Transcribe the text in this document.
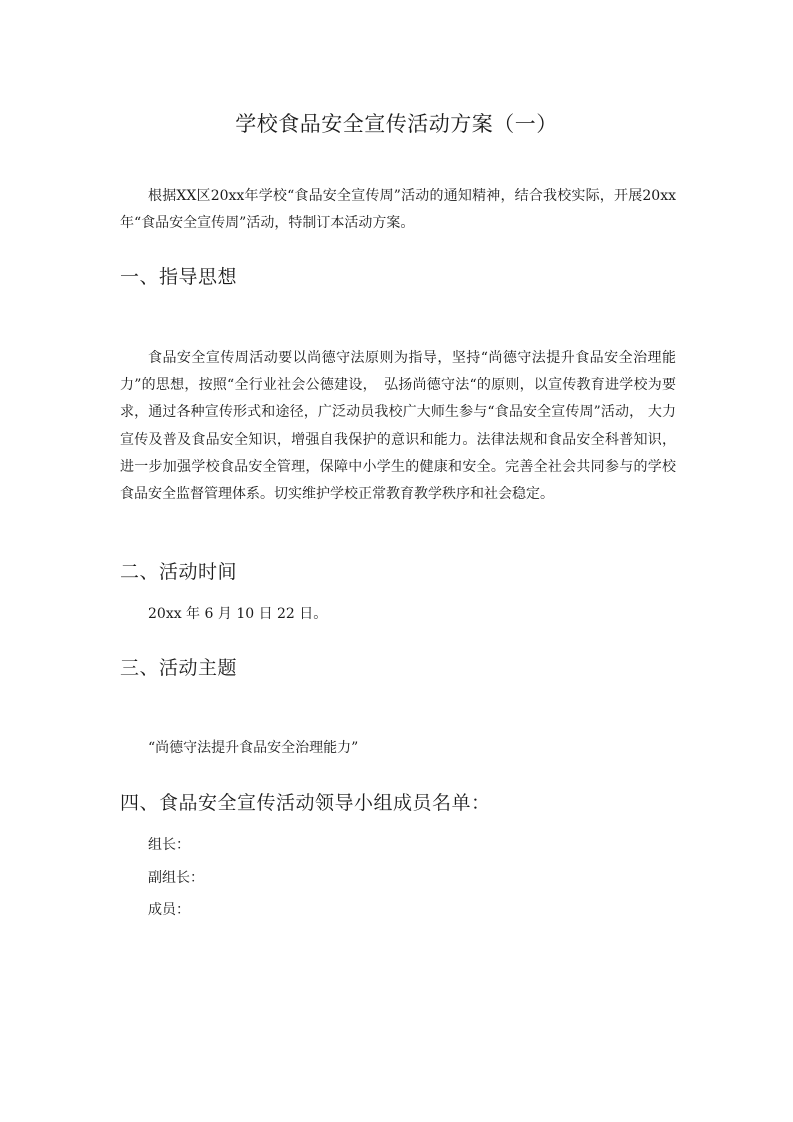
学校食品安全宣传活动方案（一）

根据XX区20xx年学校“食品安全宣传周”活动的通知精神，结合我校实际，开展20xx年“食品安全宣传周”活动，特制订本活动方案。

一、指导思想

食品安全宣传周活动要以尚德守法原则为指导，坚持“尚德守法提升食品安全治理能力”的思想，按照“全行业社会公德建设，　弘扬尚德守法“的原则，以宣传教育进学校为要求，通过各种宣传形式和途径，广泛动员我校广大师生参与“食品安全宣传周”活动， 大力宣传及普及食品安全知识，增强自我保护的意识和能力。法律法规和食品安全科普知识，进一步加强学校食品安全管理，保障中小学生的健康和安全。完善全社会共同参与的学校食品安全监督管理体系。切实维护学校正常教育教学秩序和社会稳定。

二、活动时间
20xx 年 6 月 10 日 22 日。
三、活动主题
“尚德守法提升食品安全治理能力”
四、食品安全宣传活动领导小组成员名单：
组长：
副组长：
成员：
